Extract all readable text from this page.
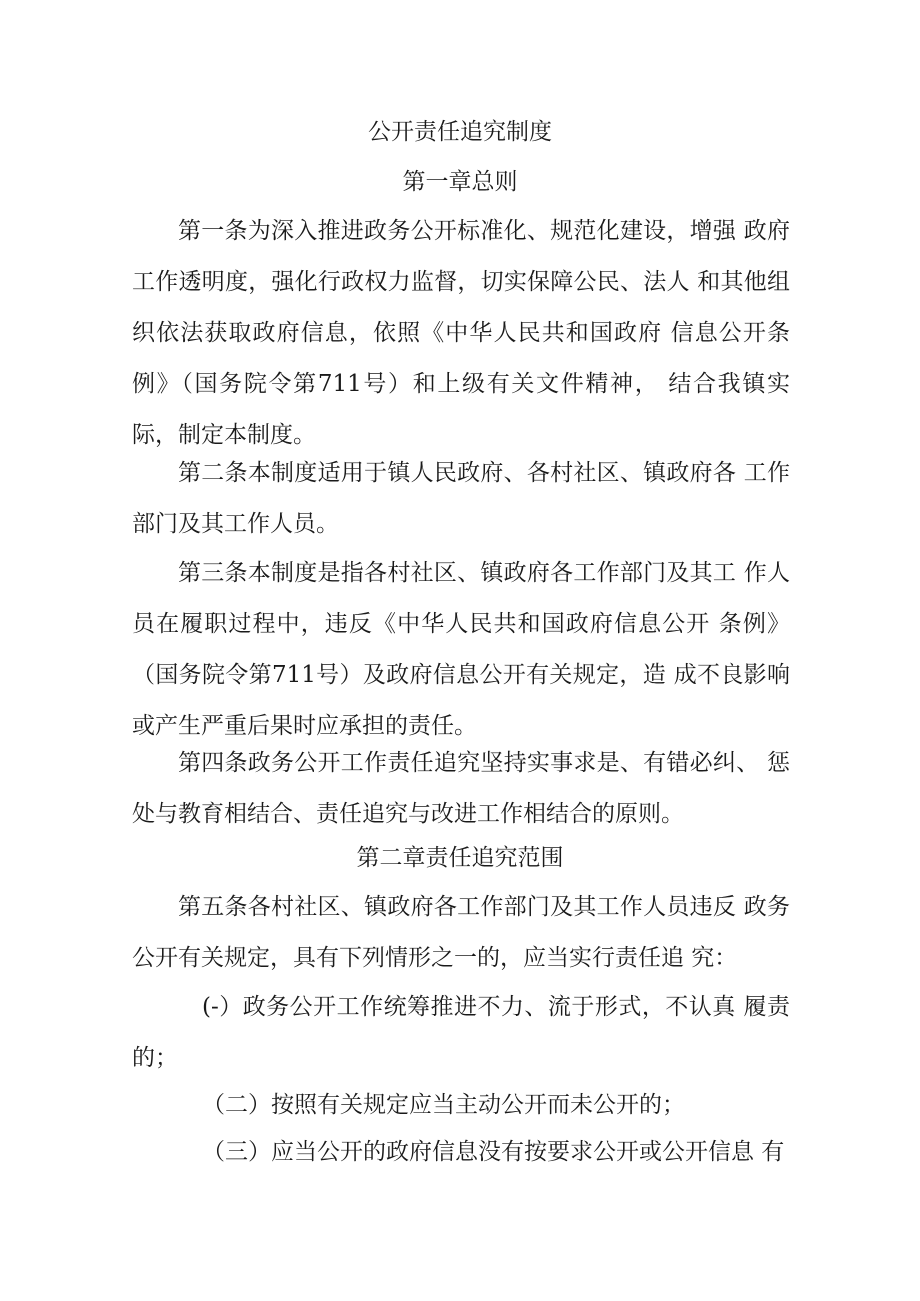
公开责任追究制度
第一章总则

第一条为深入推进政务公开标准化、规范化建设，增强 政府工作透明度，强化行政权力监督，切实保障公民、法人 和其他组织依法获取政府信息，依照《中华人民共和国政府 信息公开条例》（国务院令第711号）和上级有关文件精神， 结合我镇实际，制定本制度。

第二条本制度适用于镇人民政府、各村社区、镇政府各 工作部门及其工作人员。

第三条本制度是指各村社区、镇政府各工作部门及其工 作人员在履职过程中，违反《中华人民共和国政府信息公开 条例》（国务院令第711号）及政府信息公开有关规定，造 成不良影响或产生严重后果时应承担的责任。

第四条政务公开工作责任追究坚持实事求是、有错必纠、 惩处与教育相结合、责任追究与改进工作相结合的原则。

第二章责任追究范围

第五条各村社区、镇政府各工作部门及其工作人员违反 政务公开有关规定，具有下列情形之一的，应当实行责任追 究：

(-）政务公开工作统筹推进不力、流于形式，不认真 履责的；

（二）按照有关规定应当主动公开而未公开的；

（三）应当公开的政府信息没有按要求公开或公开信息 有
